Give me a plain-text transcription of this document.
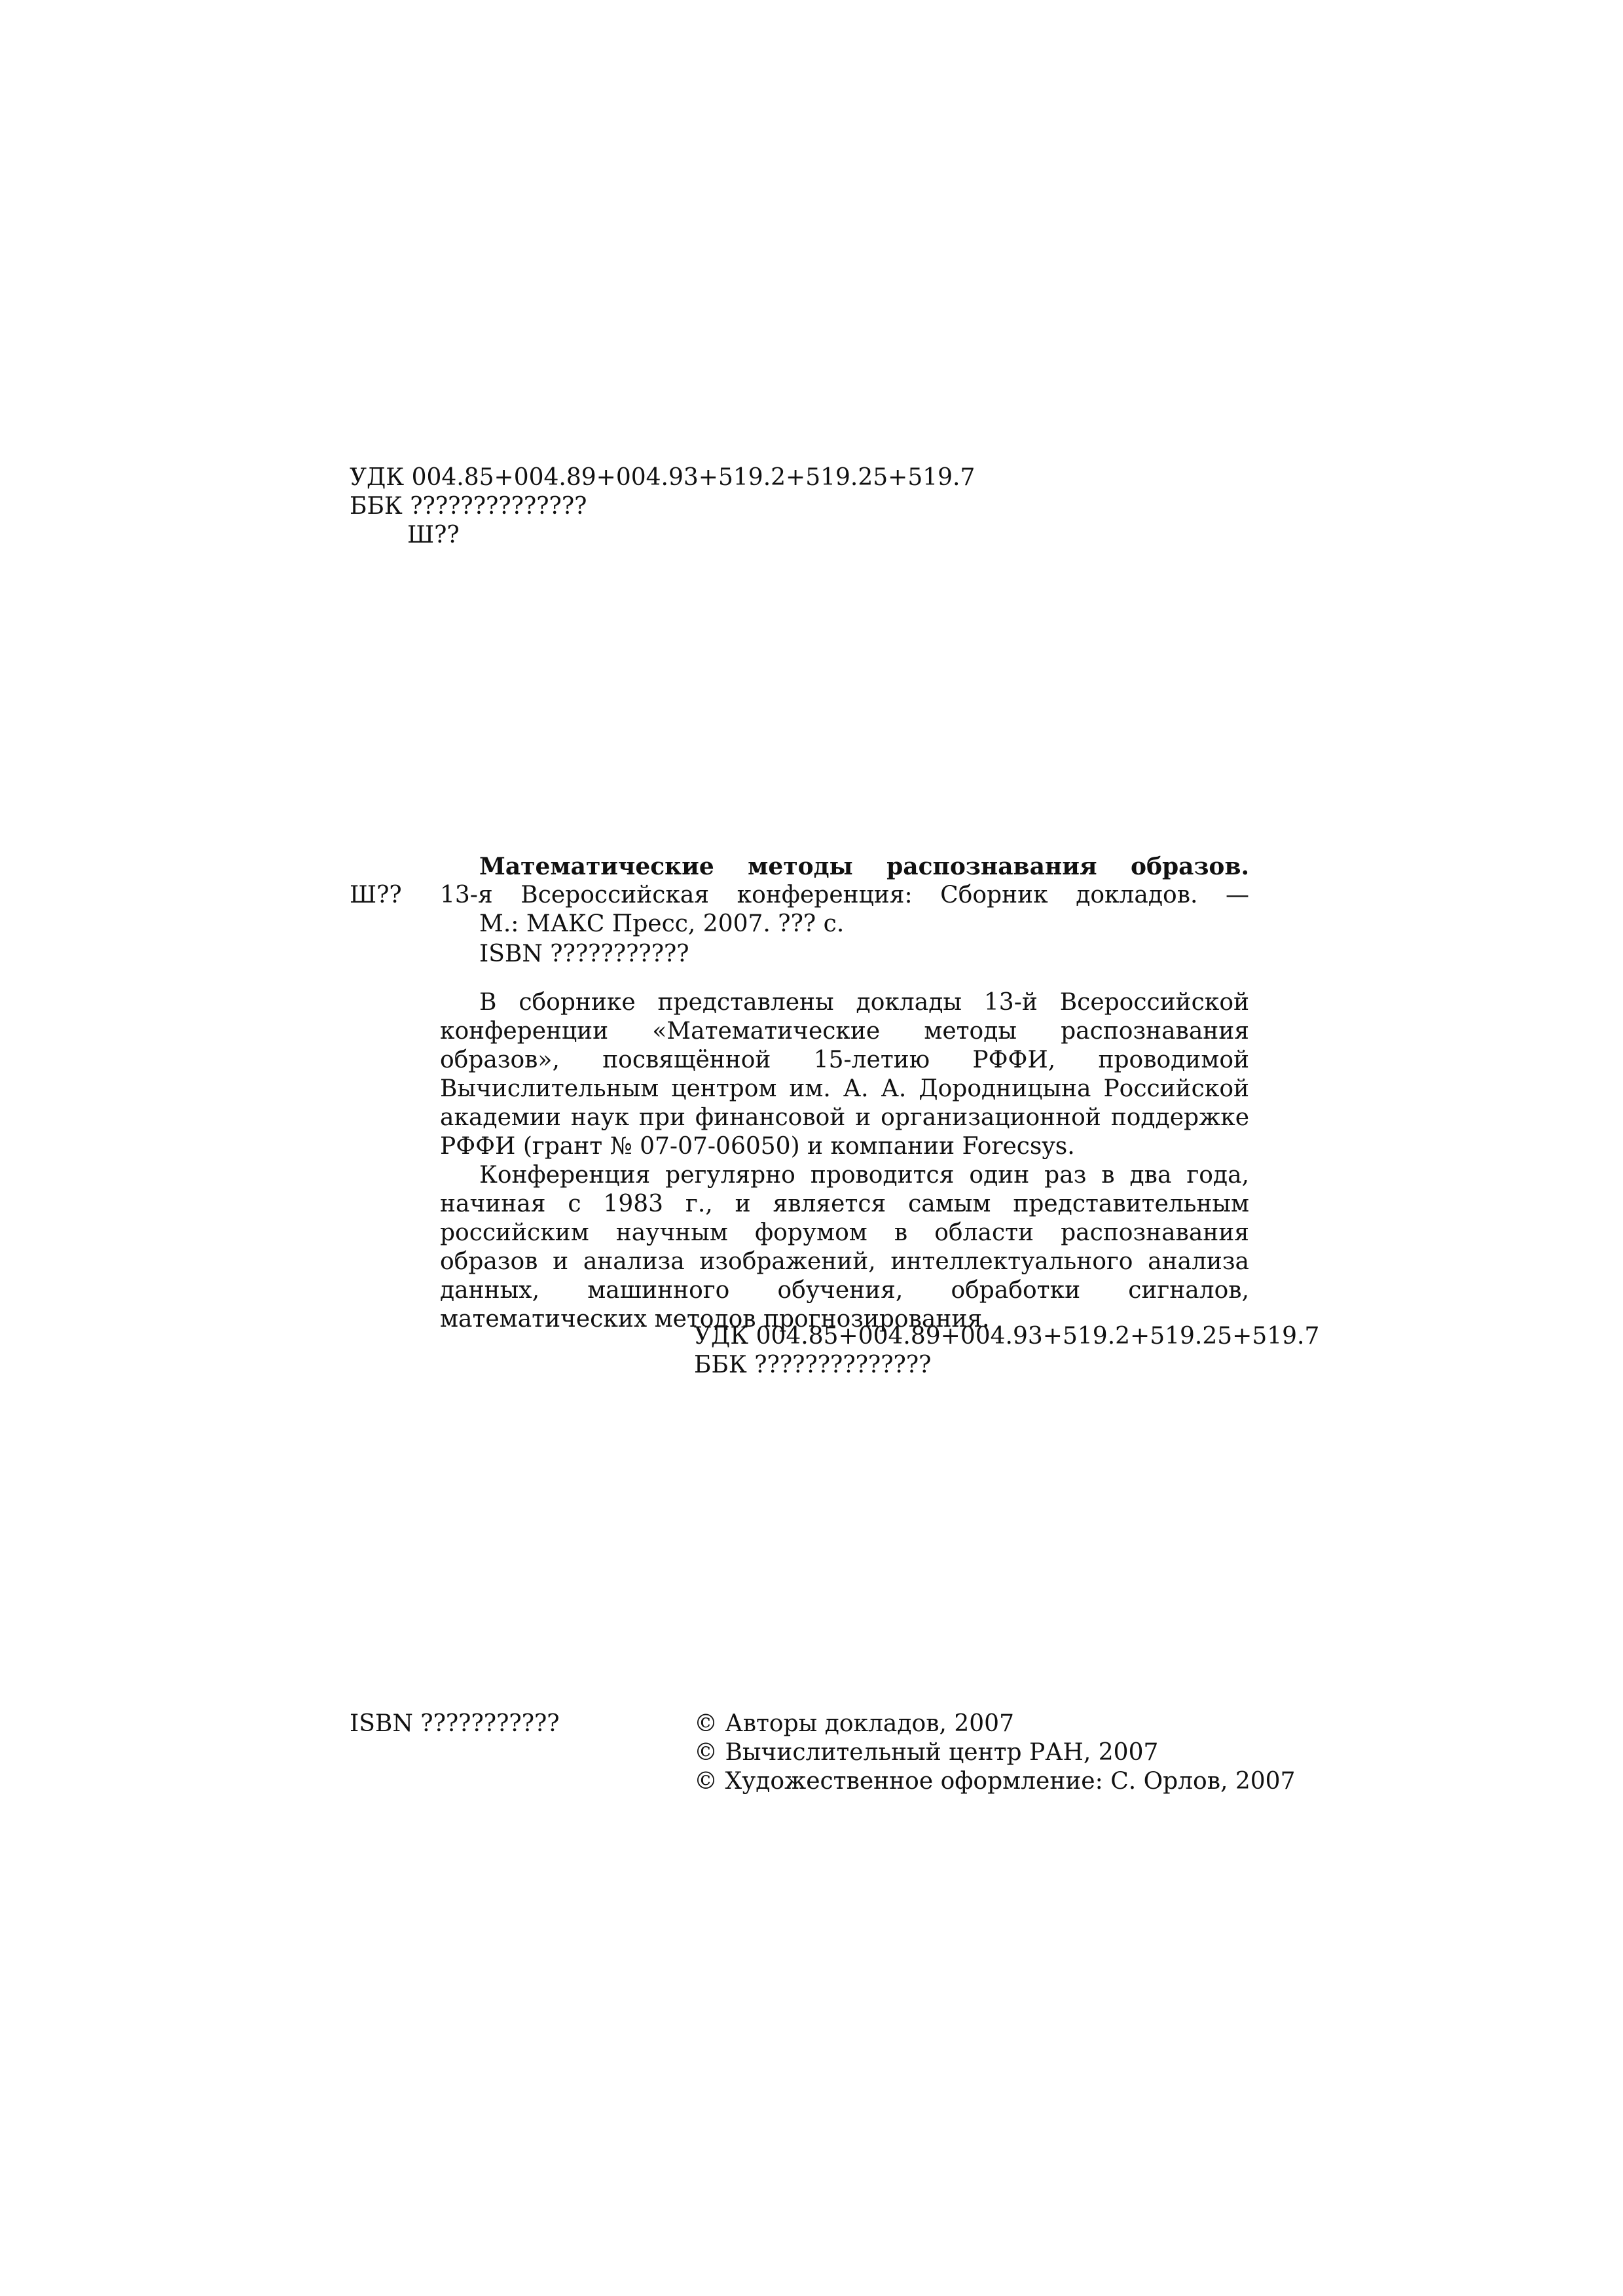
УДК 004.85+004.89+004.93+519.2+519.25+519.7
ББК ??????????????
Ш??
Ш??
Математические методы распознавания образов.
13-я Всероссийская конференция: Сборник докладов. —
М.: МАКС Пресс, 2007. ??? с.
ISBN ???????????

В сборнике представлены доклады 13-й Всероссийской конференции «Математические методы распознавания образов», посвящённой 15-летию РФФИ, проводимой Вычислительным центром им. А. А. Дородницына Российской академии наук при финансовой и организационной поддержке РФФИ (грант № 07-07-06050) и компании Forecsys.

Конференция регулярно проводится один раз в два года, начиная с 1983 г., и является самым представительным российским научным форумом в области распознавания образов и анализа изображений, интеллектуального анализа данных, машинного обучения, обработки сигналов, математических методов прогнозирования.

УДК 004.85+004.89+004.93+519.2+519.25+519.7
ББК ??????????????
ISBN ???????????	© Авторы докладов, 2007
© Вычислительный центр РАН, 2007
© Художественное оформление: С. Орлов, 2007
